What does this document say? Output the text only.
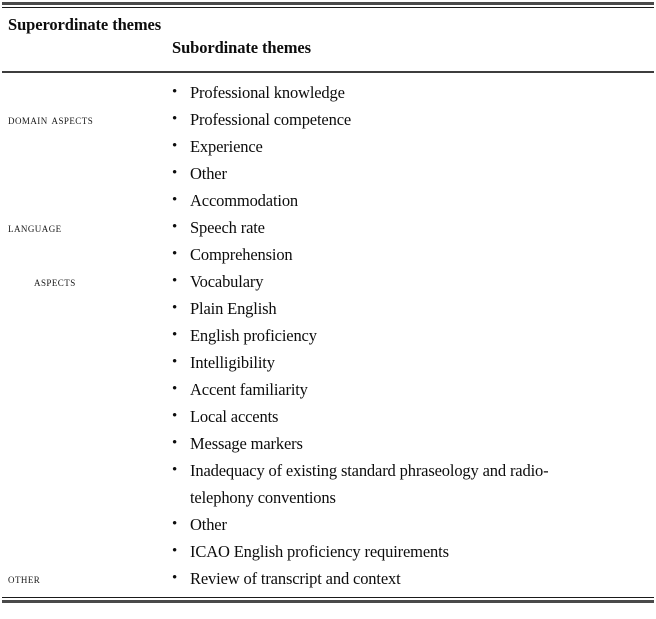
Superordinate themes
Subordinate themes

domain aspects

• Professional knowledge
• Professional competence
• Experience
• Other

language

aspects

• Accommodation
• Speech rate
• Comprehension
• Vocabulary
• Plain English
• English proficiency
• Intelligibility
• Accent familiarity
• Local accents
• Message markers
• Inadequacy of existing standard phraseology and radio-
telephony conventions
• Other

other

• ICAO English proficiency requirements
• Review of transcript and context
